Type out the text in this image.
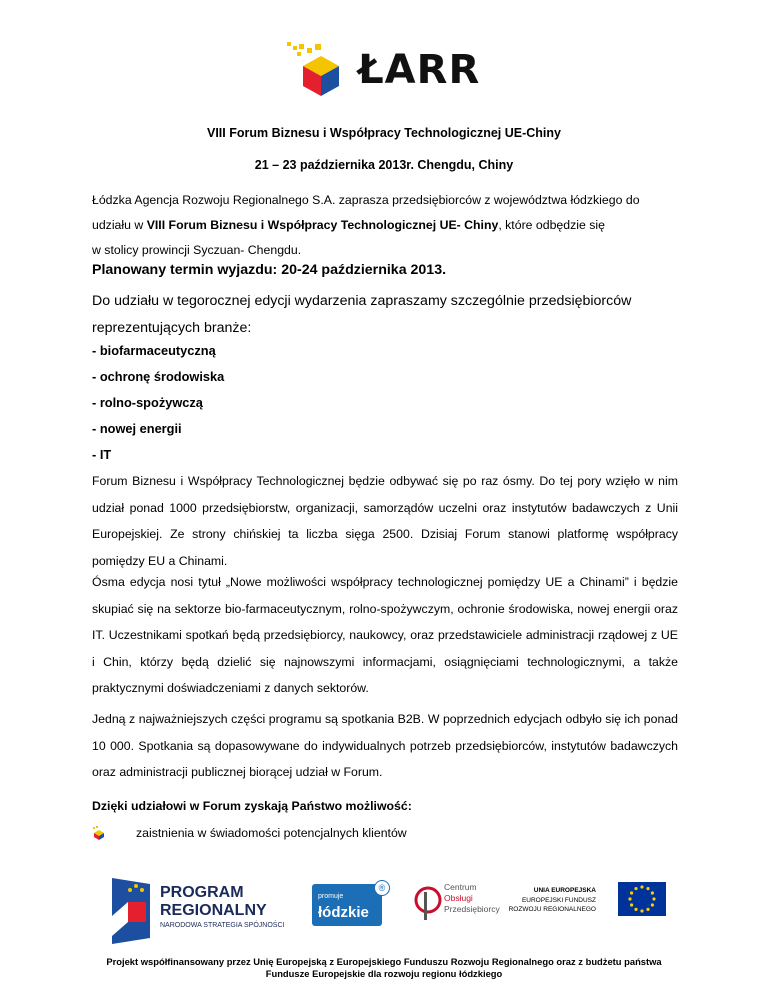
ŁARR
VIII Forum Biznesu i Współpracy Technologicznej UE-Chiny
21 – 23 października 2013r. Chengdu, Chiny
Łódzka Agencja Rozwoju Regionalnego S.A. zaprasza przedsiębiorców z województwa łódzkiego do
udziału w VIII Forum Biznesu i Współpracy Technologicznej UE- Chiny, które odbędzie się
w stolicy prowincji Syczuan- Chengdu.
Planowany termin wyjazdu: 20-24 października 2013.
Do udziału w tegorocznej edycji wydarzenia zapraszamy szczególnie przedsiębiorców
reprezentujących branże:
- biofarmaceutyczną
- ochronę środowiska
- rolno-spożywczą
- nowej energii
- IT
Forum Biznesu i Współpracy Technologicznej będzie odbywać się po raz ósmy. Do tej pory wzięło w nim udział ponad 1000 przedsiębiorstw, organizacji, samorządów uczelni oraz instytutów badawczych z Unii Europejskiej. Ze strony chińskiej ta liczba sięga 2500. Dzisiaj Forum stanowi platformę współpracy pomiędzy EU a Chinami.
Ósma edycja nosi tytuł „Nowe możliwości współpracy technologicznej pomiędzy UE a Chinami” i będzie skupiać się na sektorze bio-farmaceutycznym, rolno-spożywczym, ochronie środowiska, nowej energii oraz IT. Uczestnikami spotkań będą przedsiębiorcy, naukowcy, oraz przedstawiciele administracji rządowej z UE i Chin, którzy będą dzielić się najnowszymi informacjami, osiągnięciami technologicznymi, a także praktycznymi doświadczeniami z danych sektorów.
Jedną z najważniejszych części programu są spotkania B2B. W poprzednich edycjach odbyło się ich ponad 10 000. Spotkania są dopasowywane do indywidualnych potrzeb przedsiębiorców, instytutów badawczych oraz administracji publicznej biorącej udział w Forum.
Dzięki udziałowi w Forum zyskają Państwo możliwość:
zaistnienia w świadomości potencjalnych klientów
PROGRAM
REGIONALNY
NARODOWA STRATEGIA SPÓJNOŚCI
promuje
łódzkie
®	Centrum
Obsługi
Przedsiębiorcy
UNIA EUROPEJSKA
EUROPEJSKI FUNDUSZ
ROZWOJU REGIONALNEGO
Projekt współfinansowany przez Unię Europejską z Europejskiego Funduszu Rozwoju Regionalnego oraz z budżetu państwa
Fundusze Europejskie dla rozwoju regionu łódzkiego
